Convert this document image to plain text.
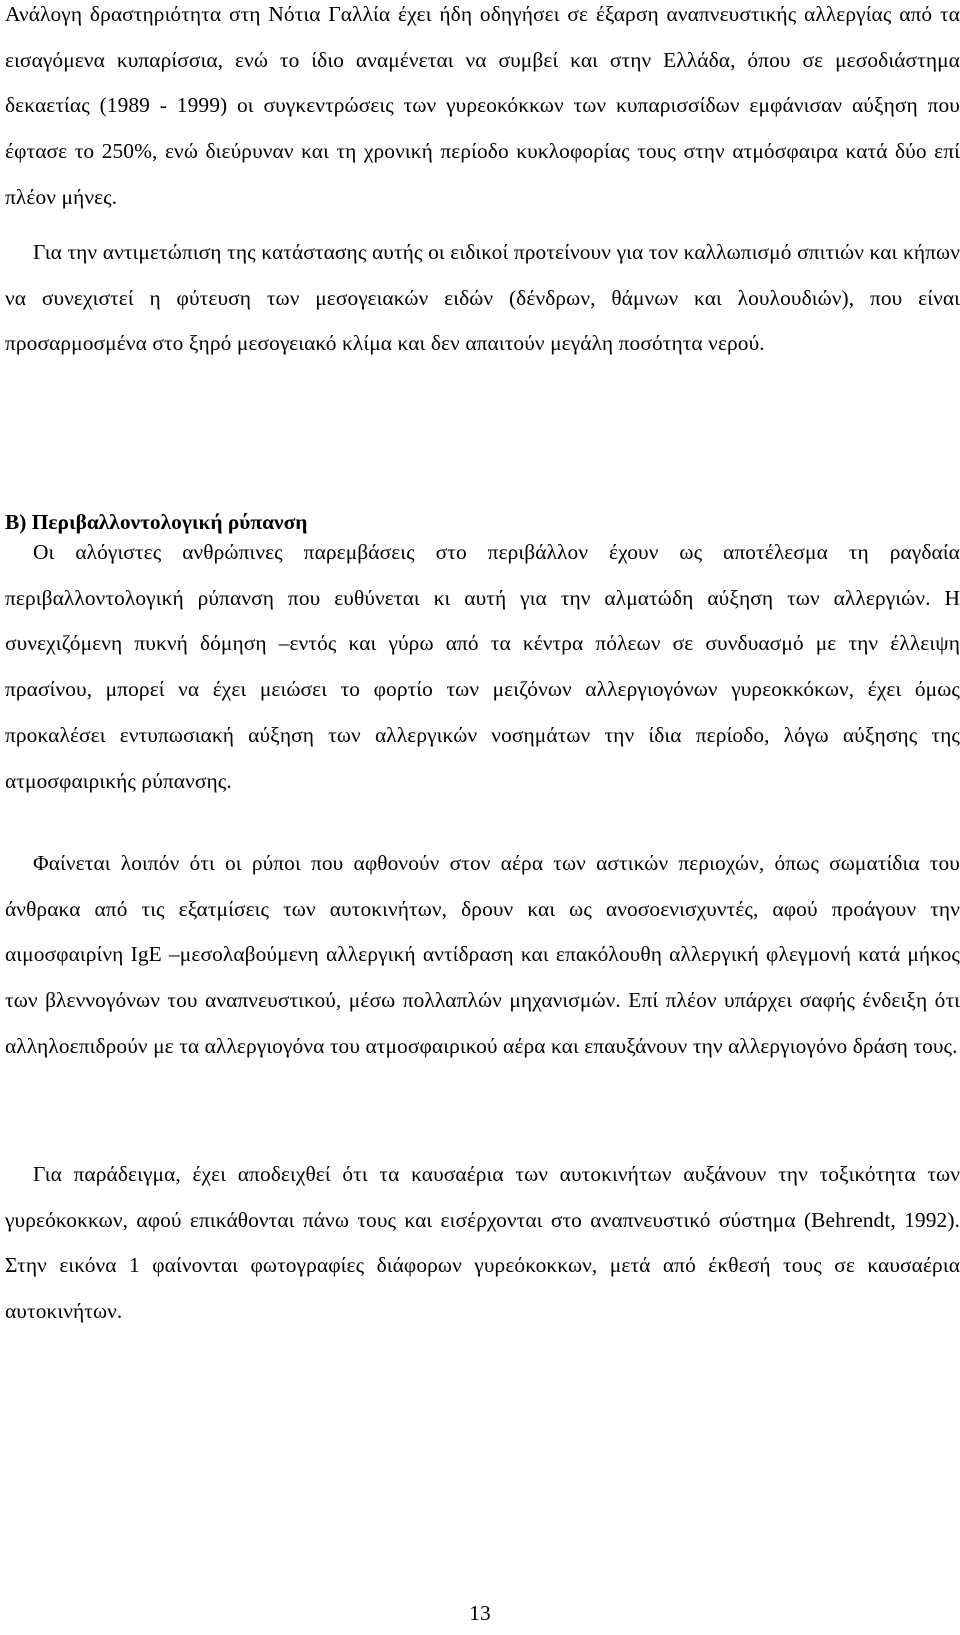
Ανάλογη δραστηριότητα στη Νότια Γαλλία έχει ήδη οδηγήσει σε έξαρση αναπνευστικής αλλεργίας από τα εισαγόμενα κυπαρίσσια, ενώ το ίδιο αναμένεται να συμβεί και στην Ελλάδα, όπου σε μεσοδιάστημα δεκαετίας (1989 - 1999) οι συγκεντρώσεις των γυρεοκόκκων των κυπαρισσίδων εμφάνισαν αύξηση που έφτασε το 250%, ενώ διεύρυναν και τη χρονική περίοδο κυκλοφορίας τους στην ατμόσφαιρα κατά δύο επί πλέον μήνες.

Για την αντιμετώπιση της κατάστασης αυτής οι ειδικοί προτείνουν για τον καλλωπισμό σπιτιών και κήπων να συνεχιστεί η φύτευση των μεσογειακών ειδών (δένδρων, θάμνων και λουλουδιών), που είναι προσαρμοσμένα στο ξηρό μεσογειακό κλίμα και δεν απαιτούν μεγάλη ποσότητα νερού.

Β) Περιβαλλοντολογική ρύπανση

Οι αλόγιστες ανθρώπινες παρεμβάσεις στο περιβάλλον έχουν ως αποτέλεσμα τη ραγδαία περιβαλλοντολογική ρύπανση που ευθύνεται κι αυτή για την αλματώδη αύξηση των αλλεργιών. Η συνεχιζόμενη πυκνή δόμηση –εντός και γύρω από τα κέντρα πόλεων σε συνδυασμό με την έλλειψη πρασίνου, μπορεί να έχει μειώσει το φορτίο των μειζόνων αλλεργιογόνων γυρεοκκόκων, έχει όμως προκαλέσει εντυπωσιακή αύξηση των αλλεργικών νοσημάτων την ίδια περίοδο, λόγω αύξησης της ατμοσφαιρικής ρύπανσης.

Φαίνεται λοιπόν ότι οι ρύποι που αφθονούν στον αέρα των αστικών περιοχών, όπως σωματίδια του άνθρακα από τις εξατμίσεις των αυτοκινήτων, δρουν και ως ανοσοενισχυντές, αφού προάγουν την αιμοσφαιρίνη IgE –μεσολαβούμενη αλλεργική αντίδραση και επακόλουθη αλλεργική φλεγμονή κατά μήκος των βλεννογόνων του αναπνευστικού, μέσω πολλαπλών μηχανισμών. Επί πλέον υπάρχει σαφής ένδειξη ότι αλληλοεπιδρούν με τα αλλεργιογόνα του ατμοσφαιρικού αέρα και επαυξάνουν την αλλεργιογόνο δράση τους.

Για παράδειγμα, έχει αποδειχθεί ότι τα καυσαέρια των αυτοκινήτων αυξάνουν την τοξικότητα των γυρεόκοκκων, αφού επικάθονται πάνω τους και εισέρχονται στο αναπνευστικό σύστημα (Behrendt, 1992). Στην εικόνα 1 φαίνονται φωτογραφίες διάφορων γυρεόκοκκων, μετά από έκθεσή τους σε καυσαέρια αυτοκινήτων.

13
